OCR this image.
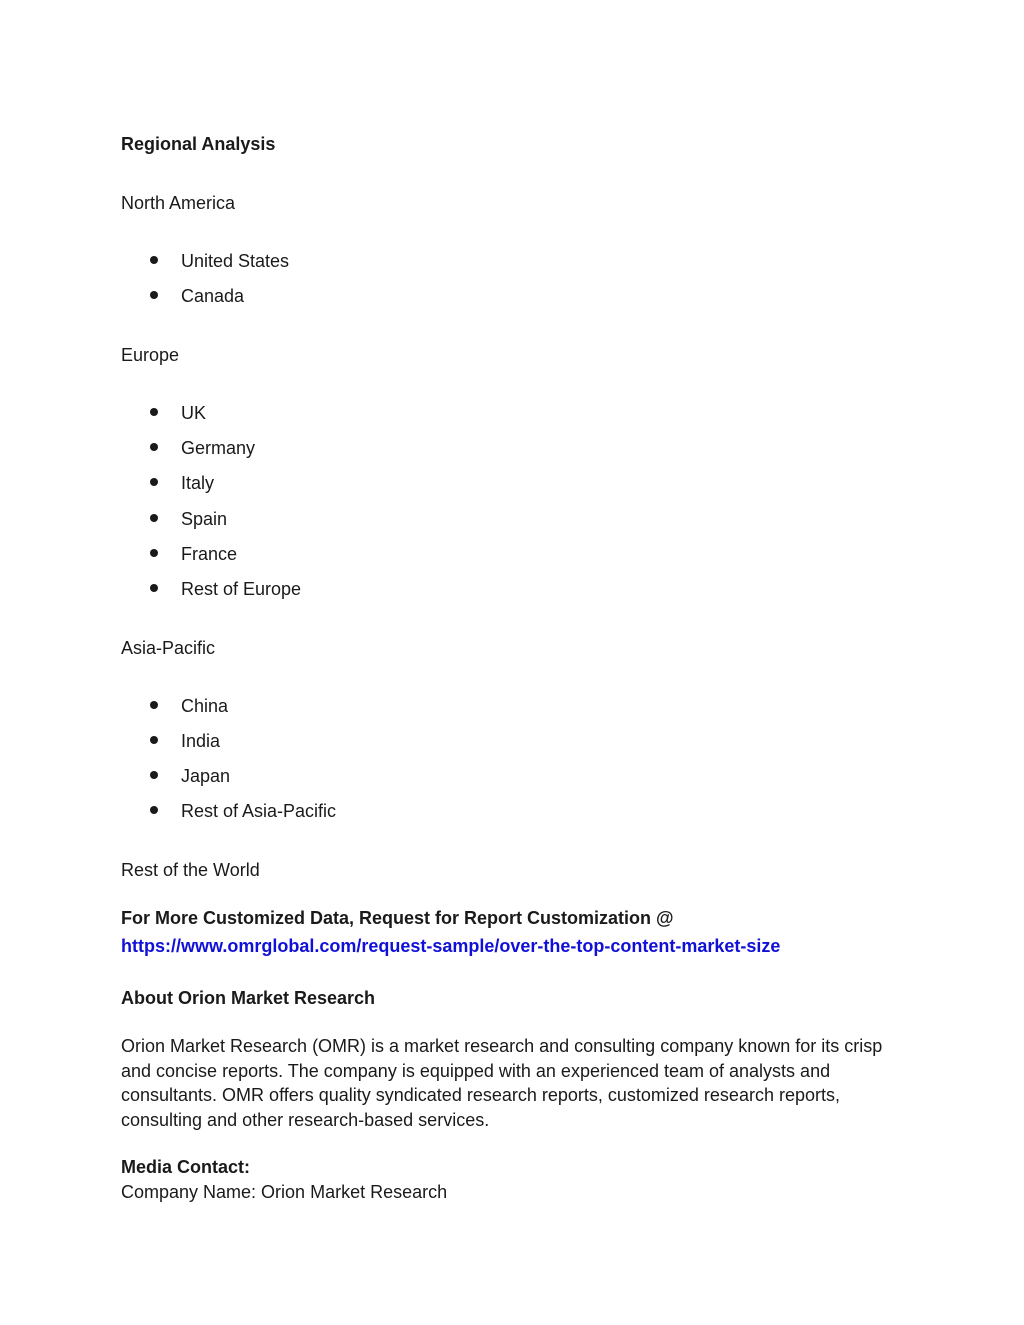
Regional Analysis
North America
United States
Canada
Europe
UK
Germany
Italy
Spain
France
Rest of Europe
Asia-Pacific
China
India
Japan
Rest of Asia-Pacific
Rest of the World
For More Customized Data, Request for Report Customization @
https://www.omrglobal.com/request-sample/over-the-top-content-market-size
About Orion Market Research
Orion Market Research (OMR) is a market research and consulting company known for its crisp and concise reports. The company is equipped with an experienced team of analysts and consultants. OMR offers quality syndicated research reports, customized research reports, consulting and other research-based services.
Media Contact:
Company Name: Orion Market Research
